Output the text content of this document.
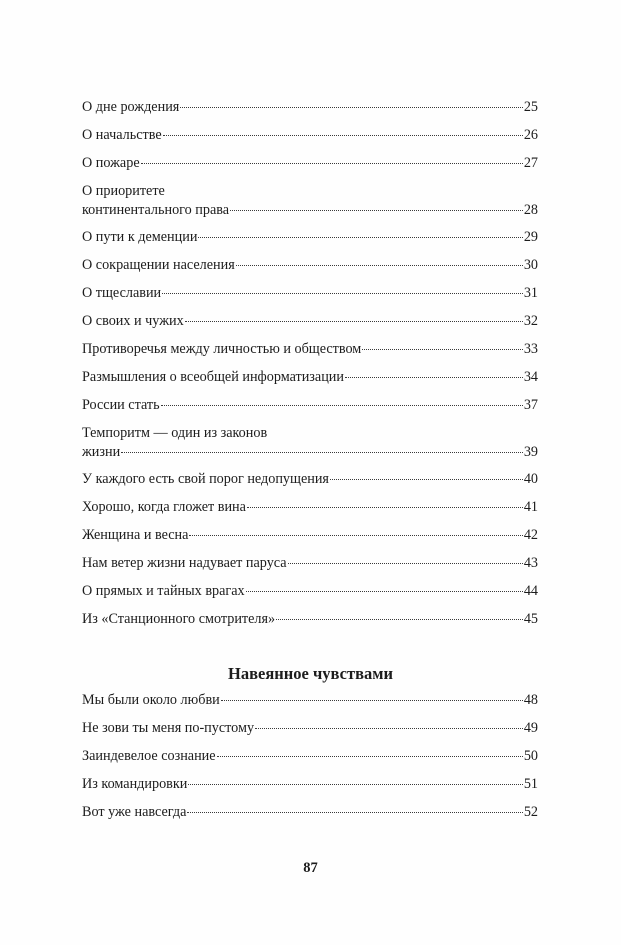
О дне рождения	25
О начальстве	26
О пожаре	27
О приоритете
континентального права	28
О пути к деменции	29
О сокращении населения	30
О тщеславии	31
О своих и чужих	32
Противоречья между личностью и обществом	33
Размышления о всеобщей информатизации	34
России стать	37
Темпоритм — один из законов
жизни	39
У каждого есть свой порог недопущения	40
Хорошо, когда гложет вина	41
Женщина и весна	42
Нам ветер жизни надувает паруса	43
О прямых и тайных врагах	44
Из «Станционного смотрителя»	45
Мы были около любви	48
Не зови ты меня по-пустому	49
Заиндевелое сознание	50
Из командировки	51
Вот уже навсегда	52
Навеянное чувствами
87
